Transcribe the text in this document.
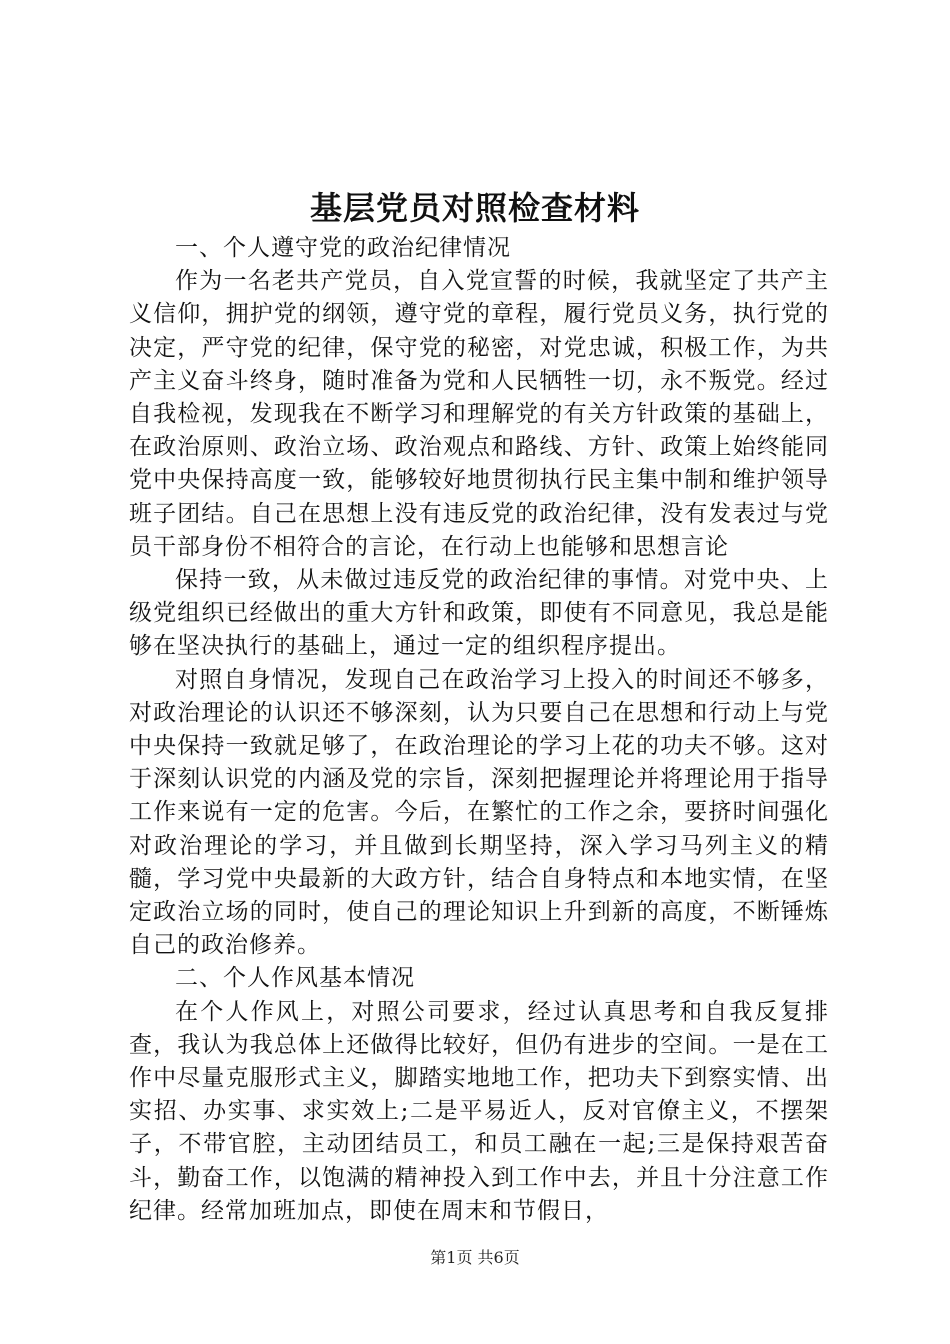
基层党员对照检查材料

一、个人遵守党的政治纪律情况

作为一名老共产党员，自入党宣誓的时候，我就坚定了共产主义信仰，拥护党的纲领，遵守党的章程，履行党员义务，执行党的决定，严守党的纪律，保守党的秘密，对党忠诚，积极工作，为共产主义奋斗终身，随时准备为党和人民牺牲一切，永不叛党。经过自我检视，发现我在不断学习和理解党的有关方针政策的基础上，在政治原则、政治立场、政治观点和路线、方针、政策上始终能同党中央保持高度一致，能够较好地贯彻执行民主集中制和维护领导班子团结。自己在思想上没有违反党的政治纪律，没有发表过与党员干部身份不相符合的言论，在行动上也能够和思想言论

保持一致，从未做过违反党的政治纪律的事情。对党中央、上级党组织已经做出的重大方针和政策，即使有不同意见，我总是能够在坚决执行的基础上，通过一定的组织程序提出。

对照自身情况，发现自己在政治学习上投入的时间还不够多，对政治理论的认识还不够深刻，认为只要自己在思想和行动上与党中央保持一致就足够了，在政治理论的学习上花的功夫不够。这对于深刻认识党的内涵及党的宗旨，深刻把握理论并将理论用于指导工作来说有一定的危害。今后，在繁忙的工作之余，要挤时间强化对政治理论的学习，并且做到长期坚持，深入学习马列主义的精髓，学习党中央最新的大政方针，结合自身特点和本地实情，在坚定政治立场的同时，使自己的理论知识上升到新的高度，不断锤炼自己的政治修养。

二、个人作风基本情况

在个人作风上，对照公司要求，经过认真思考和自我反复排查，我认为我总体上还做得比较好，但仍有进步的空间。一是在工作中尽量克服形式主义，脚踏实地地工作，把功夫下到察实情、出实招、办实事、求实效上;二是平易近人，反对官僚主义，不摆架子，不带官腔，主动团结员工，和员工融在一起;三是保持艰苦奋斗，勤奋工作，以饱满的精神投入到工作中去，并且十分注意工作纪律。经常加班加点，即使在周末和节假日，

第1页 共6页
